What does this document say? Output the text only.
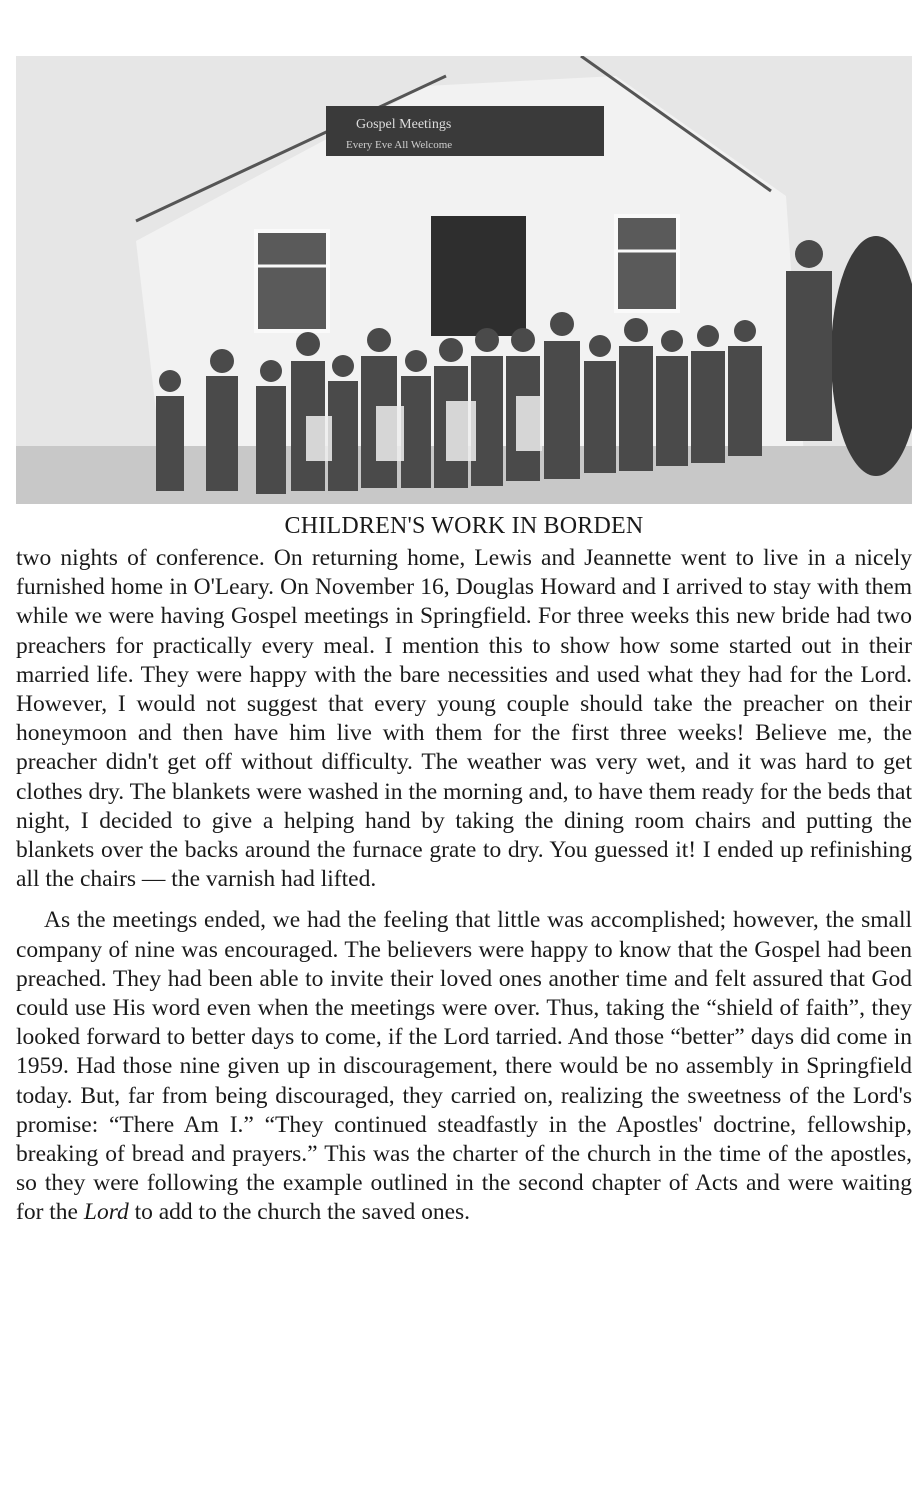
Gospel Meetings
Every Eve All Welcome
CHILDREN'S WORK IN BORDEN

two nights of conference. On returning home, Lewis and Jeannette went to live in a nicely furnished home in O'Leary. On November 16, Douglas Howard and I arrived to stay with them while we were having Gospel meetings in Springfield. For three weeks this new bride had two preachers for practically every meal. I mention this to show how some started out in their married life. They were happy with the bare necessities and used what they had for the Lord. However, I would not suggest that every young couple should take the preacher on their honeymoon and then have him live with them for the first three weeks! Believe me, the preacher didn't get off without difficulty. The weather was very wet, and it was hard to get clothes dry. The blankets were washed in the morning and, to have them ready for the beds that night, I decided to give a helping hand by taking the dining room chairs and putting the blankets over the backs around the furnace grate to dry. You guessed it! I ended up refinishing all the chairs — the varnish had lifted.

As the meetings ended, we had the feeling that little was accomplished; however, the small company of nine was encouraged. The believers were happy to know that the Gospel had been preached. They had been able to invite their loved ones another time and felt assured that God could use His word even when the meetings were over. Thus, taking the “shield of faith”, they looked forward to better days to come, if the Lord tarried. And those “better” days did come in 1959. Had those nine given up in discouragement, there would be no assembly in Springfield today. But, far from being discouraged, they carried on, realizing the sweetness of the Lord's promise: “There Am I.” “They continued steadfastly in the Apostles' doctrine, fellowship, breaking of bread and prayers.” This was the charter of the church in the time of the apostles, so they were following the example outlined in the second chapter of Acts and were waiting for the Lord to add to the church the saved ones.
